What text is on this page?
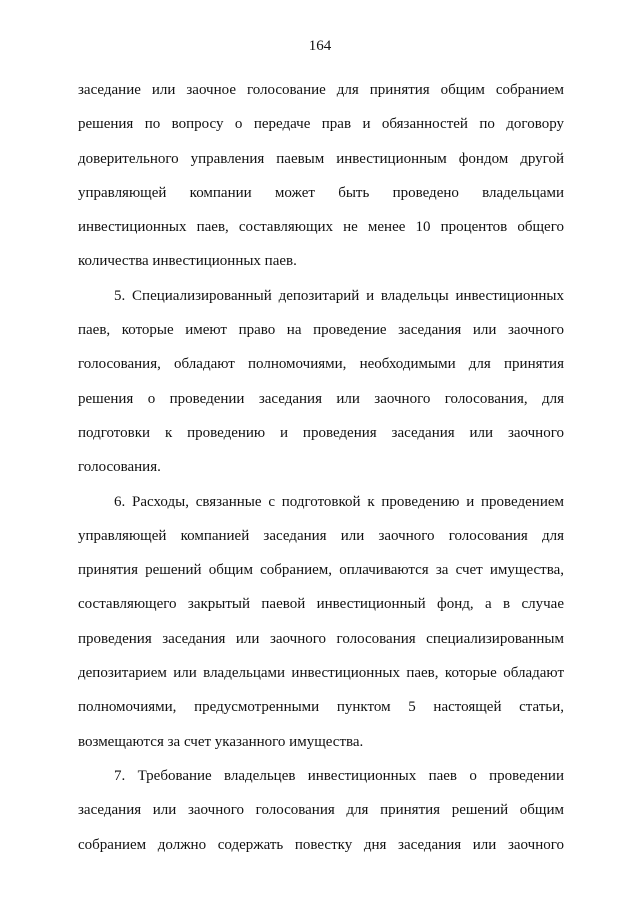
164

заседание или заочное голосование для принятия общим собранием решения по вопросу о передаче прав и обязанностей по договору доверительного управления паевым инвестиционным фондом другой управляющей компании может быть проведено владельцами инвестиционных паев, составляющих не менее 10 процентов общего количества инвестиционных паев.

5. Специализированный депозитарий и владельцы инвестиционных паев, которые имеют право на проведение заседания или заочного голосования, обладают полномочиями, необходимыми для принятия решения о проведении заседания или заочного голосования, для подготовки к проведению и проведения заседания или заочного голосования.

6. Расходы, связанные с подготовкой к проведению и проведением управляющей компанией заседания или заочного голосования для принятия решений общим собранием, оплачиваются за счет имущества, составляющего закрытый паевой инвестиционный фонд, а в случае проведения заседания или заочного голосования специализированным депозитарием или владельцами инвестиционных паев, которые обладают полномочиями, предусмотренными пунктом 5 настоящей статьи, возмещаются за счет указанного имущества.

7. Требование владельцев инвестиционных паев о проведении заседания или заочного голосования для принятия решений общим собранием должно содержать повестку дня заседания или заочного
